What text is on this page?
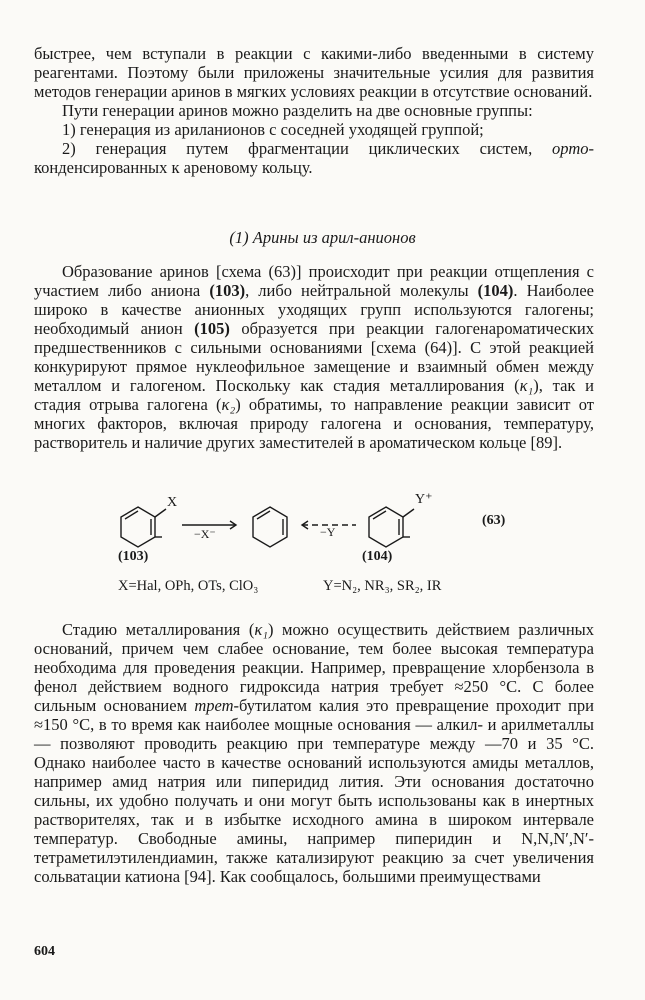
быстрее, чем вступали в реакции с какими-либо введенными в систему реагентами. Поэтому были приложены значительные усилия для развития методов генерации аринов в мягких условиях реакции в отсутствие оснований.

Пути генерации аринов можно разделить на две основные группы:

1) генерация из ариланионов с соседней уходящей группой;

2) генерация путем фрагментации циклических систем, орто-конденсированных к ареновому кольцу.

(1) Арины из арил-анионов

Образование аринов [схема (63)] происходит при реакции отщепления с участием либо аниона (103), либо нейтральной молекулы (104). Наиболее широко в качестве анионных уходящих групп используются галогены; необходимый анион (105) образуется при реакции галогенароматических предшественников с сильными основаниями [схема (64)]. С этой реакцией конкурируют прямое нуклеофильное замещение и взаимный обмен между металлом и галогеном. Поскольку как стадия металлирования (κ₁), так и стадия отрыва галогена (κ₂) обратимы, то направление реакции зависит от многих факторов, включая природу галогена и основания, температуру, растворитель и наличие других заместителей в ароматическом кольце [89].

X
−X⁻	−Y
Y⁺
(63)
(103)	(104)
X=Hal, OPh, OTs, ClO₃	Y=N₂, NR₃, SR₂, IR

Стадию металлирования (κ₁) можно осуществить действием различных оснований, причем чем слабее основание, тем более высокая температура необходима для проведения реакции. Например, превращение хлорбензола в фенол действием водного гидроксида натрия требует ≈250 °C. С более сильным основанием трет-бутилатом калия это превращение проходит при ≈150 °C, в то время как наиболее мощные основания — алкил- и арилметаллы — позволяют проводить реакцию при температуре между —70 и 35 °C. Однако наиболее часто в качестве оснований используются амиды металлов, например амид натрия или пиперидид лития. Эти основания достаточно сильны, их удобно получать и они могут быть использованы как в инертных растворителях, так и в избытке исходного амина в широком интервале температур. Свободные амины, например пиперидин и N,N,N′,N′-тетраметилэтилендиамин, также катализируют реакцию за счет увеличения сольватации катиона [94]. Как сообщалось, большими преимуществами

604
